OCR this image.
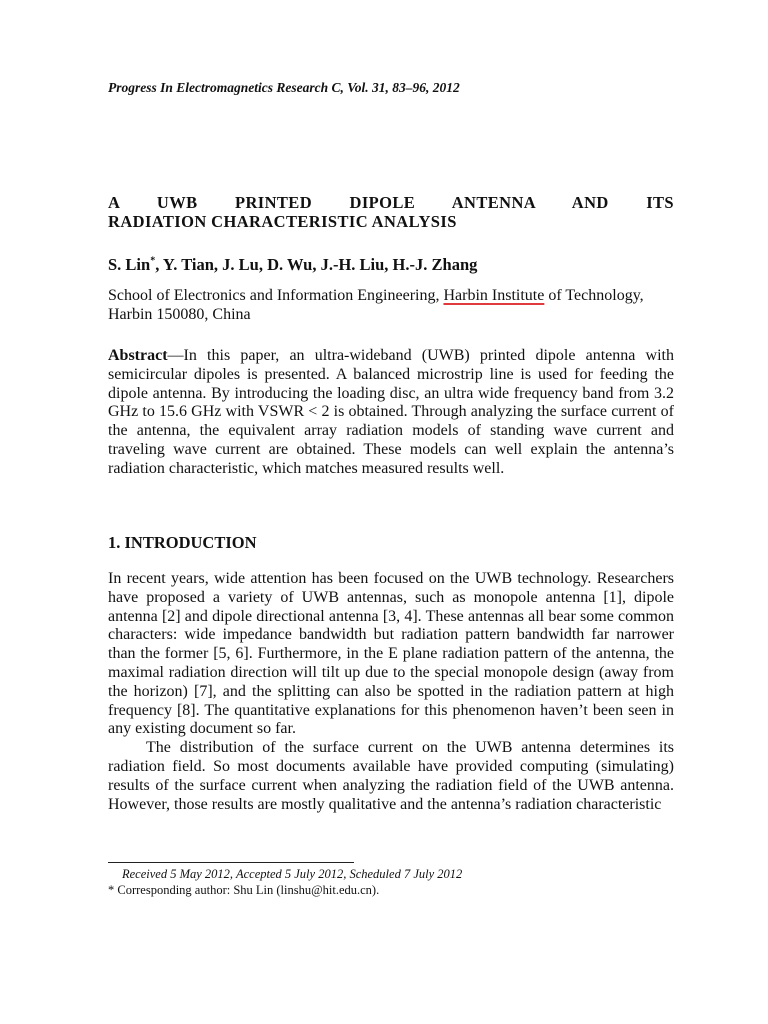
Progress In Electromagnetics Research C, Vol. 31, 83–96, 2012
A UWB PRINTED DIPOLE ANTENNA AND ITS
RADIATION CHARACTERISTIC ANALYSIS
S. Lin*, Y. Tian, J. Lu, D. Wu, J.-H. Liu, H.-J. Zhang
School of Electronics and Information Engineering, Harbin Institute of Technology, Harbin 150080, China

Abstract—In this paper, an ultra-wideband (UWB) printed dipole antenna with semicircular dipoles is presented. A balanced microstrip line is used for feeding the dipole antenna. By introducing the loading disc, an ultra wide frequency band from 3.2 GHz to 15.6 GHz with VSWR < 2 is obtained. Through analyzing the surface current of the antenna, the equivalent array radiation models of standing wave current and traveling wave current are obtained. These models can well explain the antenna’s radiation characteristic, which matches measured results well.

1. INTRODUCTION

In recent years, wide attention has been focused on the UWB technology. Researchers have proposed a variety of UWB antennas, such as monopole antenna [1], dipole antenna [2] and dipole directional antenna [3, 4]. These antennas all bear some common characters: wide impedance bandwidth but radiation pattern bandwidth far narrower than the former [5, 6]. Furthermore, in the E plane radiation pattern of the antenna, the maximal radiation direction will tilt up due to the special monopole design (away from the horizon) [7], and the splitting can also be spotted in the radiation pattern at high frequency [8]. The quantitative explanations for this phenomenon haven’t been seen in any existing document so far.

The distribution of the surface current on the UWB antenna determines its radiation field. So most documents available have provided computing (simulating) results of the surface current when analyzing the radiation field of the UWB antenna. However, those results are mostly qualitative and the antenna’s radiation characteristic

Received 5 May 2012, Accepted 5 July 2012, Scheduled 7 July 2012
* Corresponding author: Shu Lin (linshu@hit.edu.cn).
